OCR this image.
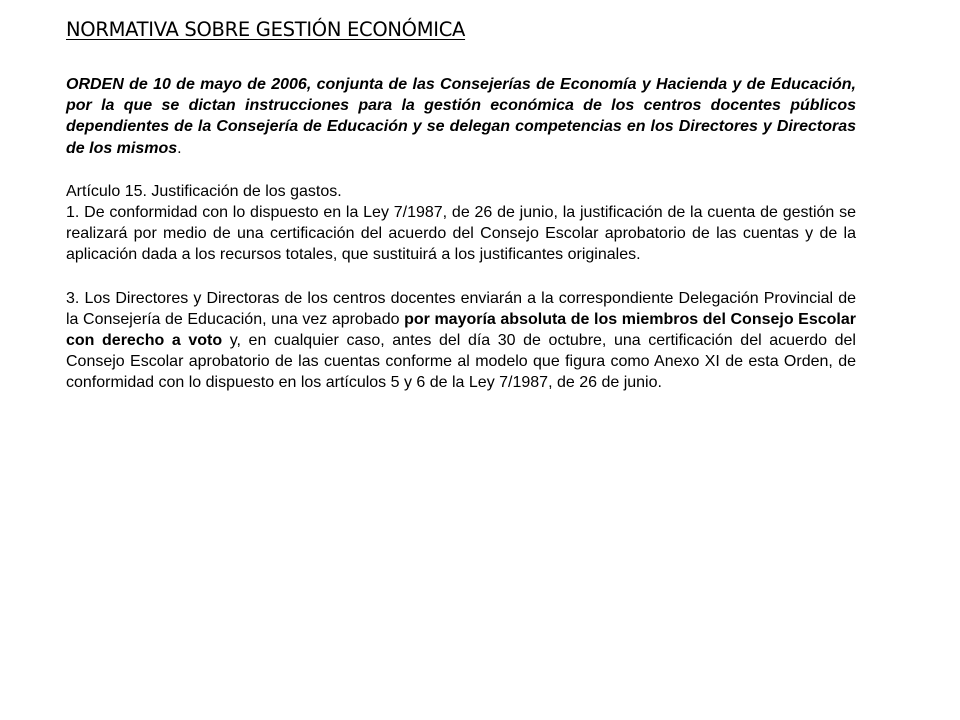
NORMATIVA SOBRE GESTIÓN ECONÓMICA

ORDEN de 10 de mayo de 2006, conjunta de las Consejerías de Economía y Hacienda y de Educación, por la que se dictan instrucciones para la gestión económica de los centros docentes públicos dependientes de la Consejería de Educación y se delegan competencias en los Directores y Directoras de los mismos.

Artículo 15. Justificación de los gastos.

1. De conformidad con lo dispuesto en la Ley 7/1987, de 26 de junio, la justificación de la cuenta de gestión se realizará por medio de una certificación del acuerdo del Consejo Escolar aprobatorio de las cuentas y de la aplicación dada a los recursos totales, que sustituirá a los justificantes originales.

3. Los Directores y Directoras de los centros docentes enviarán a la correspondiente Delegación Provincial de la Consejería de Educación, una vez aprobado por mayoría absoluta de los miembros del Consejo Escolar con derecho a voto y, en cualquier caso, antes del día 30 de octubre, una certificación del acuerdo del Consejo Escolar aprobatorio de las cuentas conforme al modelo que figura como Anexo XI de esta Orden, de conformidad con lo dispuesto en los artículos 5 y 6 de la Ley 7/1987, de 26 de junio.
